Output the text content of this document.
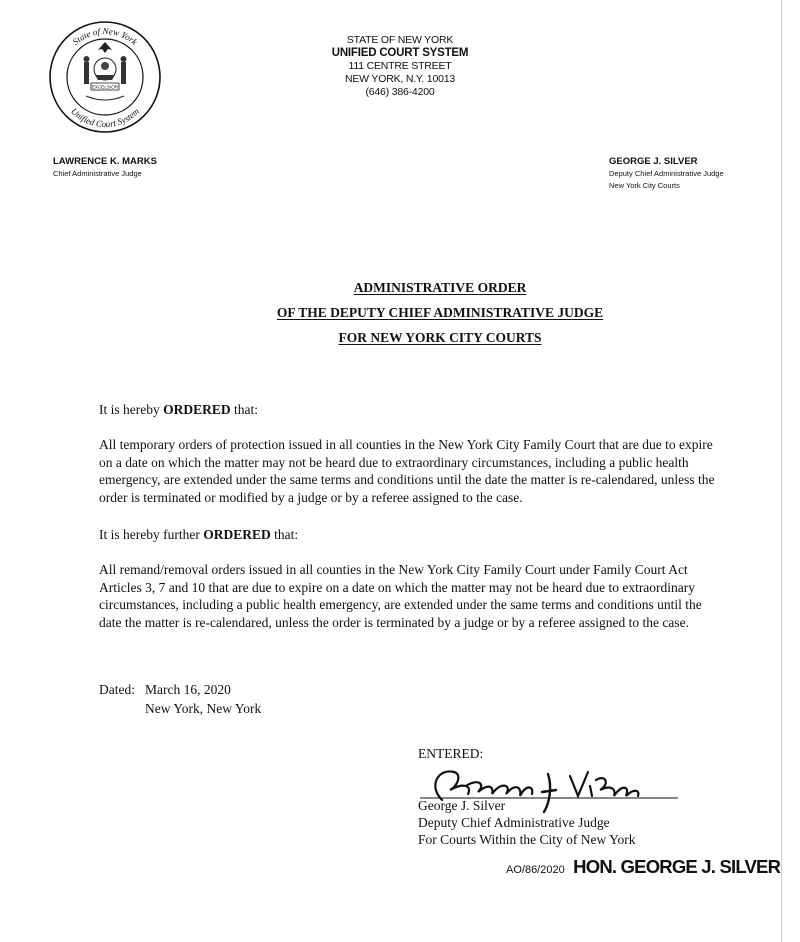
State of New York
Unified Court System
EXCELSIOR
STATE OF NEW YORK
UNIFIED COURT SYSTEM
111 CENTRE STREET
NEW YORK, N.Y. 10013
(646) 386-4200
LAWRENCE K. MARKS
Chief Administrative Judge
GEORGE J. SILVER
Deputy Chief Administrative Judge
New York City Courts
ADMINISTRATIVE ORDER
OF THE DEPUTY CHIEF ADMINISTRATIVE JUDGE
FOR NEW YORK CITY COURTS

It is hereby ORDERED that:

All temporary orders of protection issued in all counties in the New York City Family Court that are due to expire on a date on which the matter may not be heard due to extraordinary circumstances, including a public health emergency, are extended under the same terms and conditions until the date the matter is re-calendared, unless the order is terminated or modified by a judge or by a referee assigned to the case.

It is hereby further ORDERED that:

All remand/removal orders issued in all counties in the New York City Family Court under Family Court Act Articles 3, 7 and 10 that are due to expire on a date on which the matter may not be heard due to extraordinary circumstances, including a public health emergency, are extended under the same terms and conditions until the date the matter is re-calendared, unless the order is terminated by a judge or by a referee assigned to the case.

Dated: March 16, 2020
New York, New York
ENTERED:
George J. Silver
Deputy Chief Administrative Judge
For Courts Within the City of New York
AO/86/2020 HON. GEORGE J. SILVER
